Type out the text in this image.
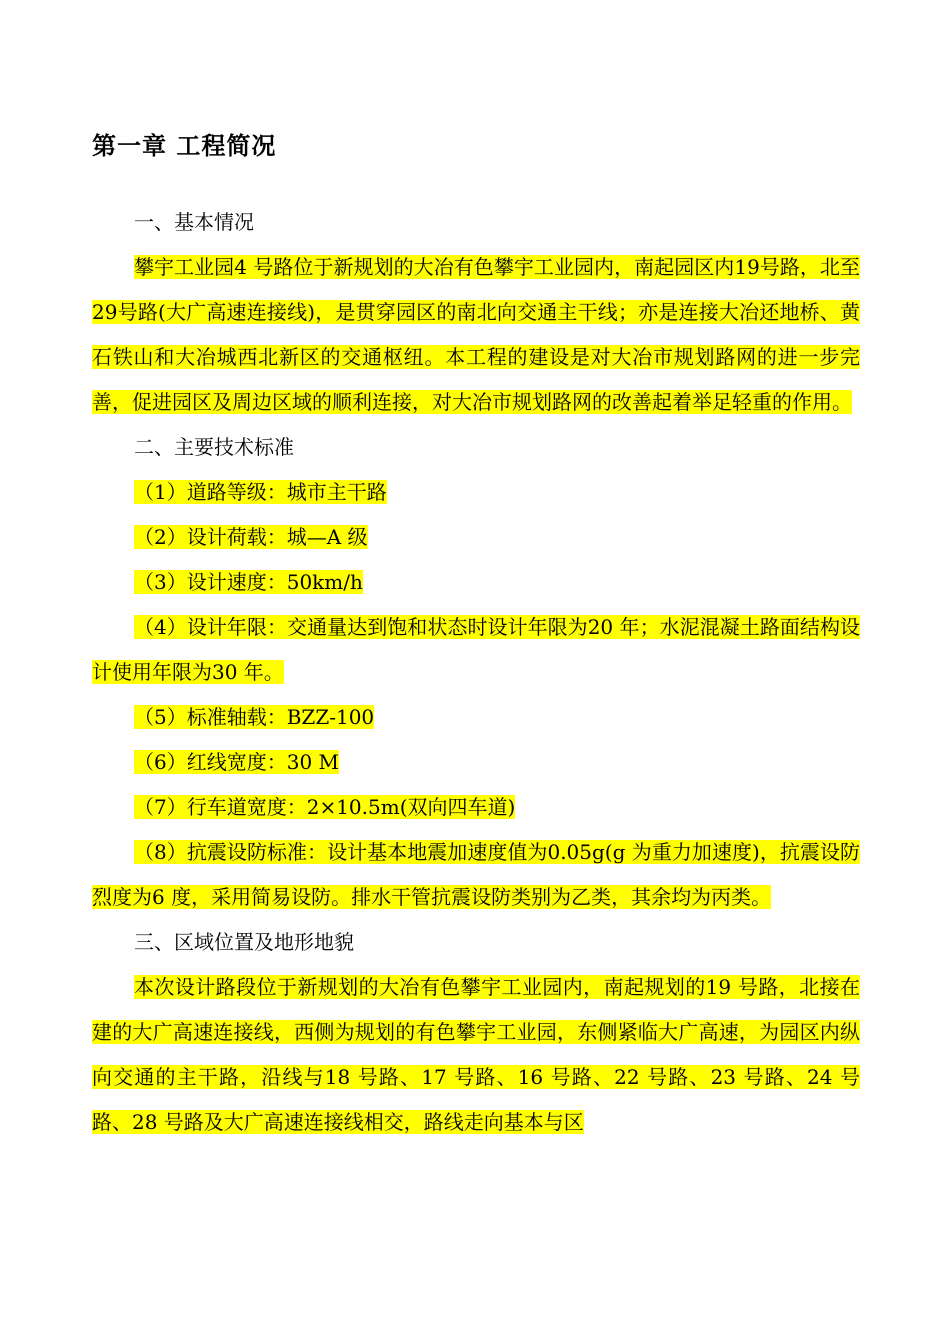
第一章 工程简况

一、基本情况

攀宇工业园4 号路位于新规划的大冶有色攀宇工业园内，南起园区内19号路，北至29号路(大广高速连接线)，是贯穿园区的南北向交通主干线；亦是连接大冶还地桥、黄石铁山和大冶城西北新区的交通枢纽。本工程的建设是对大冶市规划路网的进一步完善，促进园区及周边区域的顺利连接，对大冶市规划路网的改善起着举足轻重的作用。

二、主要技术标准

（1）道路等级：城市主干路

（2）设计荷载：城—A 级

（3）设计速度：50km/h

（4）设计年限：交通量达到饱和状态时设计年限为20 年；水泥混凝土路面结构设计使用年限为30 年。

（5）标准轴载：BZZ-100

（6）红线宽度：30 M

（7）行车道宽度：2×10.5m(双向四车道)

（8）抗震设防标准：设计基本地震加速度值为0.05g(g 为重力加速度)，抗震设防烈度为6 度，采用简易设防。排水干管抗震设防类别为乙类，其余均为丙类。

三、区域位置及地形地貌

本次设计路段位于新规划的大冶有色攀宇工业园内，南起规划的19 号路，北接在建的大广高速连接线，西侧为规划的有色攀宇工业园，东侧紧临大广高速，为园区内纵向交通的主干路，沿线与18 号路、17 号路、16 号路、22 号路、23 号路、24 号路、28 号路及大广高速连接线相交，路线走向基本与区
